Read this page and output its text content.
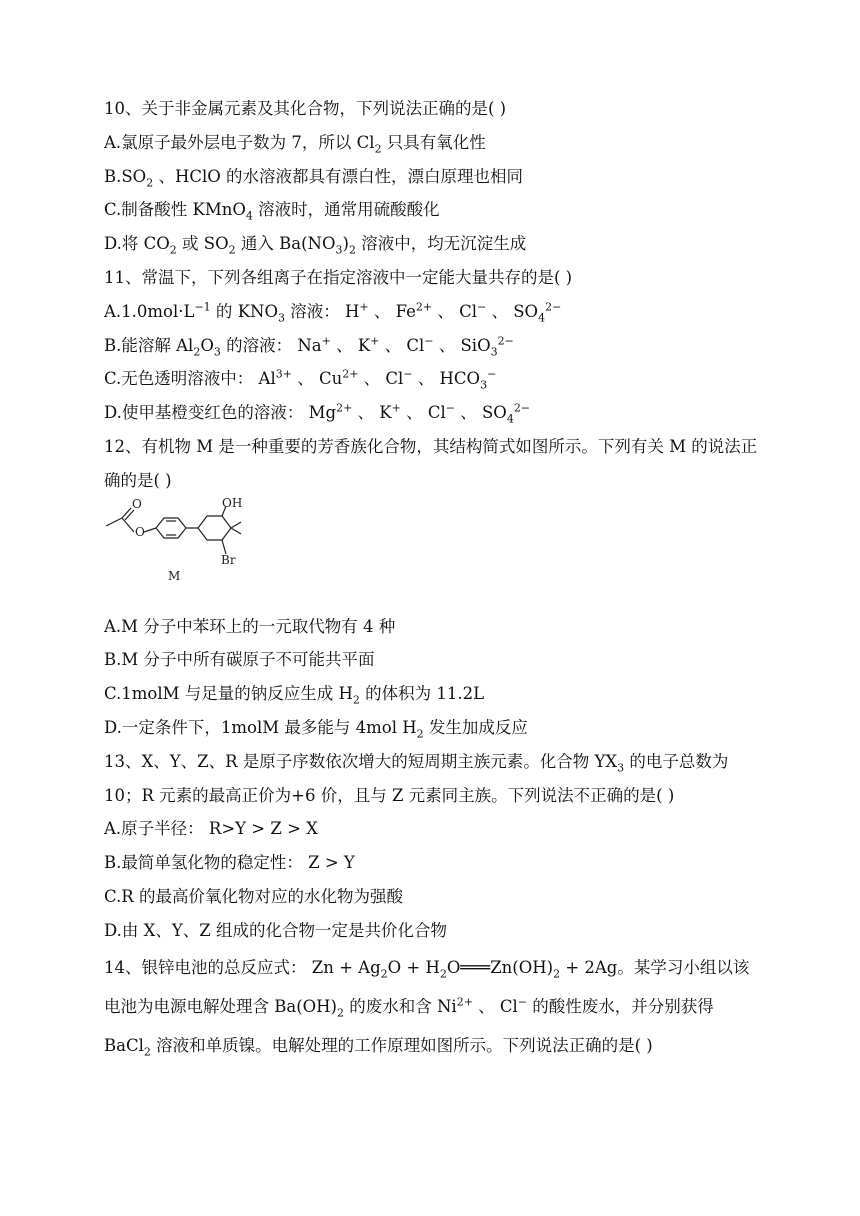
10、关于非金属元素及其化合物，下列说法正确的是( )
A.氯原子最外层电子数为 7，所以 $Cl_2$ 只具有氧化性
$B.SO_2$ 、HClO 的水溶液都具有漂白性，漂白原理也相同
C.制备酸性 KMnO$_4$ 溶液时，通常用硫酸酸化
D.将 $CO_2$ 或 $SO_2$ 通入 $Ba(NO_3)_2$ 溶液中，均无沉淀生成
11、常温下，下列各组离子在指定溶液中一定能大量共存的是( )
$A.1.0mol\cdot L^{-1}$ 的 $KNO_3$ 溶液： H+ 、 $Fe^{2+}$ 、 Cl− 、 $SO_4^{2-}$
B.能溶解 $Al_2O_3$ 的溶液： Na+ 、 K+ 、 Cl− 、 SiO$_3^{2-}$
C.无色透明溶液中： $Al^{3+}$ 、 $Cu^{2+}$ 、 Cl− 、 $HCO_3^-$
D.使甲基橙变红色的溶液： $Mg^{2+}$ 、 K+ 、 Cl− 、 $SO_4^{2-}$
12、有机物 M 是一种重要的芳香族化合物，其结构简式如图所示。下列有关 M 的说法正确的是( )
O
O
OH
Br
M
A.M 分子中苯环上的一元取代物有 4 种
B.M 分子中所有碳原子不可能共平面
C.1molM 与足量的钠反应生成 $H_2$ 的体积为 11.2L
D.一定条件下，1molM 最多能与 4mol $H_2$ 发生加成反应
13、X、Y、Z、R 是原子序数依次增大的短周期主族元素。化合物 $YX_3$ 的电子总数为 10；R 元素的最高正价为+6 价，且与 Z 元素同主族。下列说法不正确的是( )
A.原子半径： R>Y > Z > X
B.最简单氢化物的稳定性： Z > Y
C.R 的最高价氧化物对应的水化物为强酸
D.由 X、Y、Z 组成的化合物一定是共价化合物
14、银锌电池的总反应式： $Zn + Ag_2O$ + $H_2O═══Zn(OH)_2 + 2Ag$。某学习小组以该电池为电源电解处理含 $Ba(OH)_2$ 的废水和含 $Ni^{2+}$ 、 Cl− 的酸性废水，并分别获得 BaCl$_2$ 溶液和单质镍。电解处理的工作原理如图所示。下列说法正确的是( )
